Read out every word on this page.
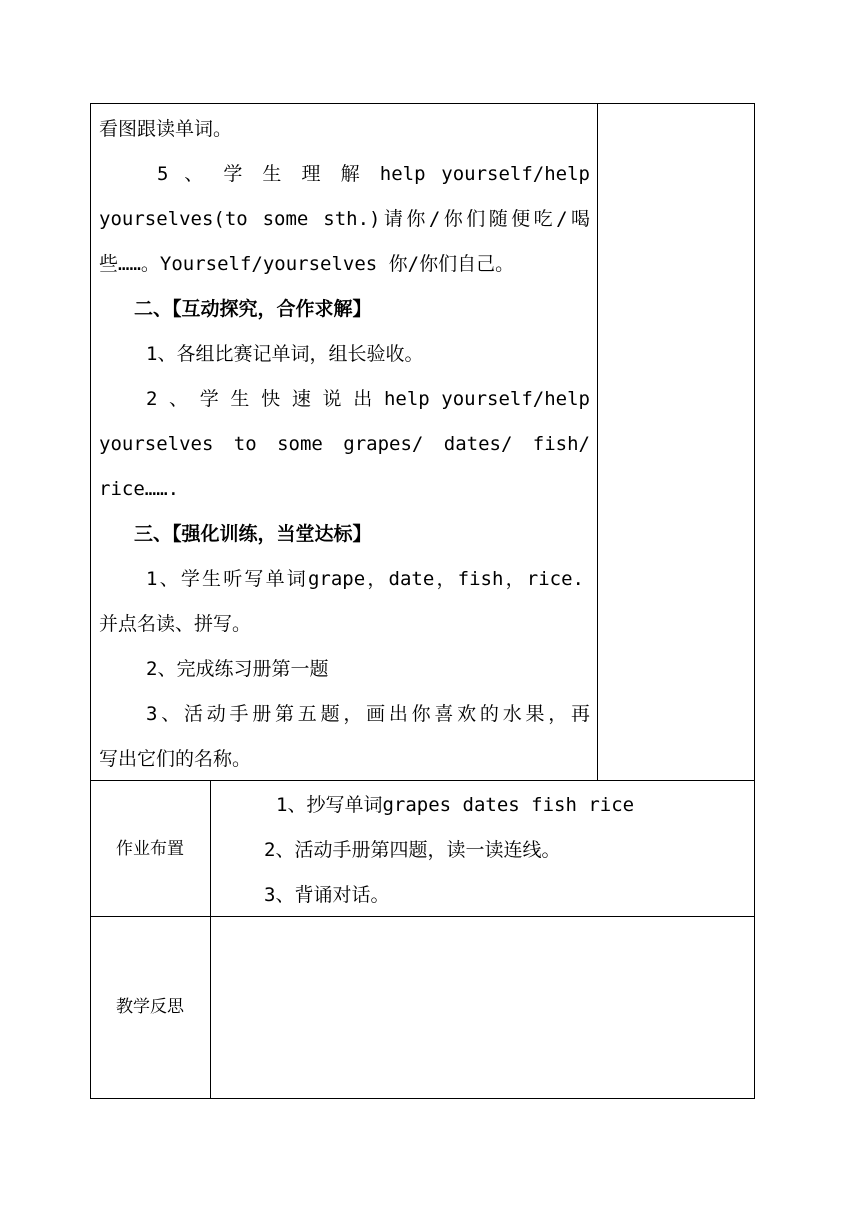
看图跟读单词。
5 、 学 生 理 解 help yourself/help
yourselves(to some sth.)请你/你们随便吃/喝
些……。Yourself/yourselves 你/你们自己。
二、【互动探究，合作求解】
1、各组比赛记单词，组长验收。
2 、 学 生 快 速 说 出 help yourself/help
yourselves to some grapes/ dates/ fish/
rice…….
三、【强化训练，当堂达标】
1、学生听写单词grape，date，fish，rice.
并点名读、拼写。
2、完成练习册第一题
3、活动手册第五题，画出你喜欢的水果，再
写出它们的名称。
作业布置
1、抄写单词grapes dates fish rice
2、活动手册第四题，读一读连线。
3、背诵对话。
教学反思
